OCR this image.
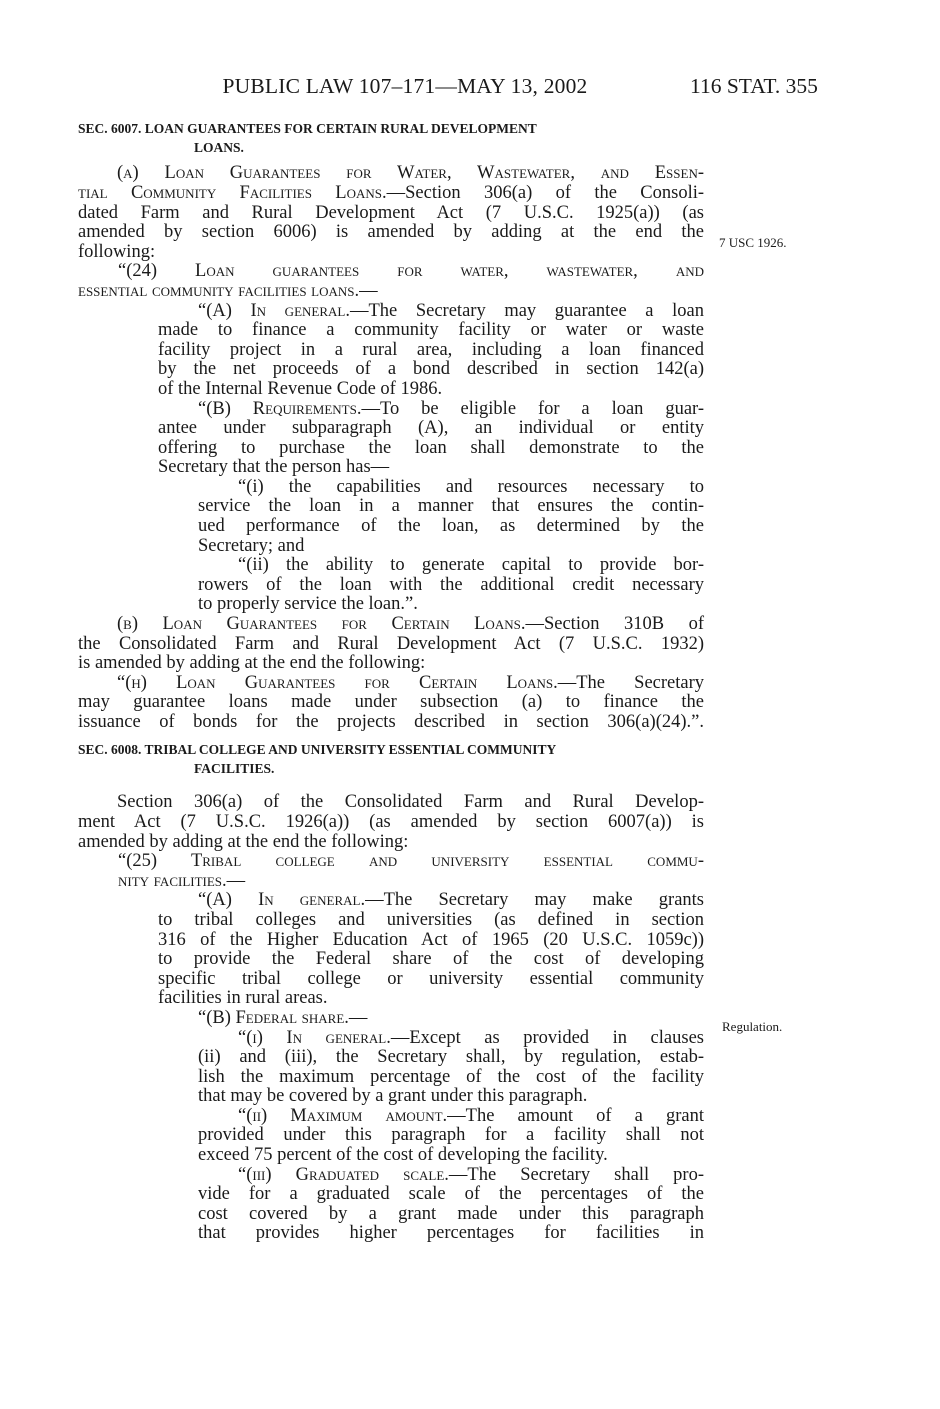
PUBLIC LAW 107–171—MAY 13, 2002	116 STAT. 355
7 USC 1926.
Regulation.
SEC. 6007. LOAN GUARANTEES FOR CERTAIN RURAL DEVELOPMENT
LOANS.
(a) Loan Guarantees for Water, Wastewater, and Essen-
tial Community Facilities Loans.—Section 306(a) of the Consoli-
dated Farm and Rural Development Act (7 U.S.C. 1925(a)) (as
amended by section 6006) is amended by adding at the end the
following:
“(24) Loan guarantees for water, wastewater, and
essential community facilities loans.—
“(A) In general.—The Secretary may guarantee a loan
made to finance a community facility or water or waste
facility project in a rural area, including a loan financed
by the net proceeds of a bond described in section 142(a)
of the Internal Revenue Code of 1986.
“(B) Requirements.—To be eligible for a loan guar-
antee under subparagraph (A), an individual or entity
offering to purchase the loan shall demonstrate to the
Secretary that the person has—
“(i) the capabilities and resources necessary to
service the loan in a manner that ensures the contin-
ued performance of the loan, as determined by the
Secretary; and
“(ii) the ability to generate capital to provide bor-
rowers of the loan with the additional credit necessary
to properly service the loan.”.
(b) Loan Guarantees for Certain Loans.—Section 310B of
the Consolidated Farm and Rural Development Act (7 U.S.C. 1932)
is amended by adding at the end the following:
“(h) Loan Guarantees for Certain Loans.—The Secretary
may guarantee loans made under subsection (a) to finance the
issuance of bonds for the projects described in section 306(a)(24).”.
SEC. 6008. TRIBAL COLLEGE AND UNIVERSITY ESSENTIAL COMMUNITY
FACILITIES.
Section 306(a) of the Consolidated Farm and Rural Develop-
ment Act (7 U.S.C. 1926(a)) (as amended by section 6007(a)) is
amended by adding at the end the following:
“(25) Tribal college and university essential commu-
nity facilities.—
“(A) In general.—The Secretary may make grants
to tribal colleges and universities (as defined in section
316 of the Higher Education Act of 1965 (20 U.S.C. 1059c))
to provide the Federal share of the cost of developing
specific tribal college or university essential community
facilities in rural areas.
“(B) Federal share.—
“(i) In general.—Except as provided in clauses
(ii) and (iii), the Secretary shall, by regulation, estab-
lish the maximum percentage of the cost of the facility
that may be covered by a grant under this paragraph.
“(ii) Maximum amount.—The amount of a grant
provided under this paragraph for a facility shall not
exceed 75 percent of the cost of developing the facility.
“(iii) Graduated scale.—The Secretary shall pro-
vide for a graduated scale of the percentages of the
cost covered by a grant made under this paragraph
that provides higher percentages for facilities in
